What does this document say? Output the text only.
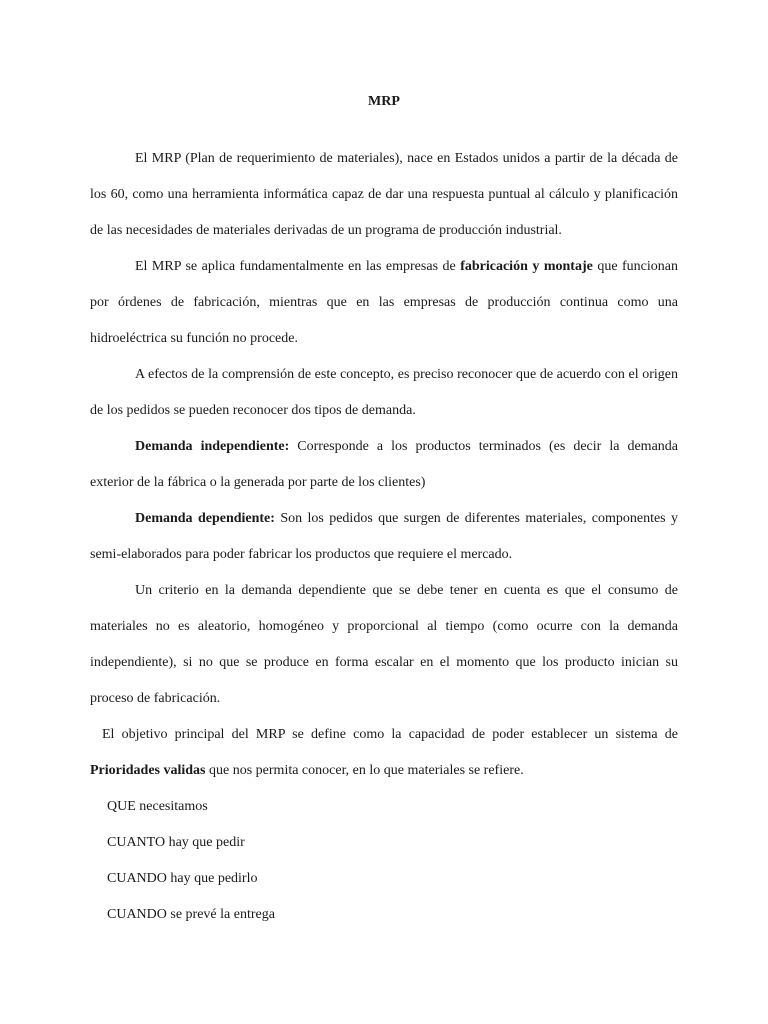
MRP

El MRP (Plan de requerimiento de materiales), nace en Estados unidos a partir de la década de los 60, como una herramienta informática capaz de dar una respuesta puntual al cálculo y planificación de las necesidades de materiales derivadas de un programa de producción industrial.

El MRP se aplica fundamentalmente en las empresas de fabricación y montaje que funcionan por órdenes de fabricación, mientras que en las empresas de producción continua como una hidroeléctrica su función no procede.

A efectos de la comprensión de este concepto, es preciso reconocer que de acuerdo con el origen de los pedidos se pueden reconocer dos tipos de demanda.

Demanda independiente: Corresponde a los productos terminados (es decir la demanda exterior de la fábrica o la generada por parte de los clientes)

Demanda dependiente: Son los pedidos que surgen de diferentes materiales, componentes y semi-elaborados para poder fabricar los productos que requiere el mercado.

Un criterio en la demanda dependiente que se debe tener en cuenta es que el consumo de materiales no es aleatorio, homogéneo y proporcional al tiempo (como ocurre con la demanda independiente), si no que se produce en forma escalar en el momento que los producto inician su proceso de fabricación.

El objetivo principal del MRP se define como la capacidad de poder establecer un sistema de Prioridades validas que nos permita conocer, en lo que materiales se refiere.

QUE necesitamos

CUANTO hay que pedir

CUANDO hay que pedirlo

CUANDO se prevé la entrega
